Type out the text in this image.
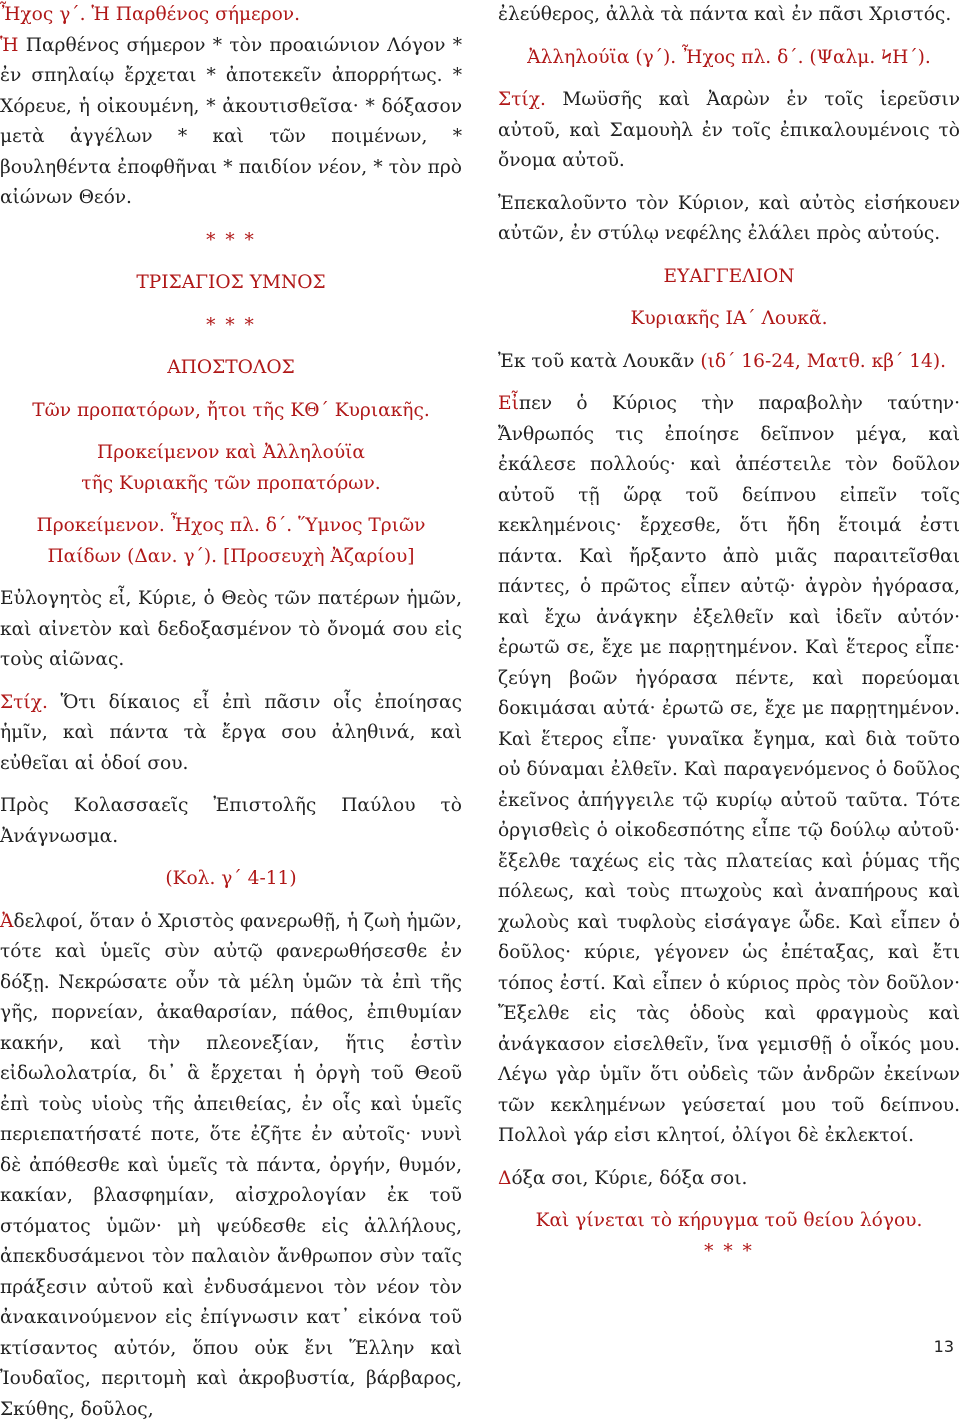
Ἦχος γ΄. Ἡ Παρθένος σήμερον.

Ἡ Παρθένος σήμερον * τὸν προαιώνιον Λόγον * ἐν σπηλαίῳ ἔρχεται * ἀποτεκεῖν ἀπορρήτως. * Χόρευε, ἡ οἰκουμένη, * ἀκουτισθεῖσα· * δόξασον μετὰ ἀγγέλων * καὶ τῶν ποιμένων, * βουληθέντα ἐποφθῆναι * παιδίον νέον, * τὸν πρὸ αἰώνων Θεόν.

* * *

ΤΡΙΣΑΓΙΟΣ ΥΜΝΟΣ

* * *

ΑΠΟΣΤΟΛΟΣ

Τῶν προπατόρων, ἤτοι τῆς ΚΘ΄ Κυριακῆς.

Προκείμενον καὶ Ἀλληλούϊα

τῆς Κυριακῆς τῶν προπατόρων.

Προκείμενον. Ἦχος πλ. δ΄. Ὕμνος Τριῶν Παίδων (Δαν. γ΄). [Προσευχὴ Ἀζαρίου]

Εὐλογητὸς εἶ, Κύριε, ὁ Θεὸς τῶν πατέρων ἡμῶν, καὶ αἰνετὸν καὶ δεδοξασμένον τὸ ὄνομά σου εἰς τοὺς αἰῶνας.

Στίχ. Ὅτι δίκαιος εἶ ἐπὶ πᾶσιν οἷς ἐποίησας ἡμῖν, καὶ πάντα τὰ ἔργα σου ἀληθινά, καὶ εὐθεῖαι αἱ ὁδοί σου.

Πρὸς Κολασσαεῖς Ἐπιστολῆς Παύλου τὸ Ἀνάγνωσμα.

(Κολ. γ΄ 4-11)

Ἀδελφοί, ὅταν ὁ Χριστὸς φανερωθῇ, ἡ ζωὴ ἡμῶν, τότε καὶ ὑμεῖς σὺν αὐτῷ φανερωθήσεσθε ἐν δόξῃ. Νεκρώσατε οὖν τὰ μέλη ὑμῶν τὰ ἐπὶ τῆς γῆς, πορνείαν, ἀκαθαρσίαν, πάθος, ἐπιθυμίαν κακήν, καὶ τὴν πλεονεξίαν, ἥτις ἐστὶν εἰδωλολατρία, δι᾽ ἃ ἔρχεται ἡ ὀργὴ τοῦ Θεοῦ ἐπὶ τοὺς υἱοὺς τῆς ἀπειθείας, ἐν οἷς καὶ ὑμεῖς περιεπατήσατέ ποτε, ὅτε ἐζῆτε ἐν αὐτοῖς· νυνὶ δὲ ἀπόθεσθε καὶ ὑμεῖς τὰ πάντα, ὀργήν, θυμόν, κακίαν, βλασφημίαν, αἰσχρολογίαν ἐκ τοῦ στόματος ὑμῶν· μὴ ψεύδεσθε εἰς ἀλλήλους, ἀπεκδυσάμενοι τὸν παλαιὸν ἄνθρωπον σὺν ταῖς πράξεσιν αὐτοῦ καὶ ἐνδυσάμενοι τὸν νέον τὸν ἀνακαινούμενον εἰς ἐπίγνωσιν κατ᾽ εἰκόνα τοῦ κτίσαντος αὐτόν, ὅπου οὐκ ἔνι Ἕλλην καὶ Ἰουδαῖος, περιτομὴ καὶ ἀκροβυστία, βάρβαρος, Σκύθης, δοῦλος,

ἐλεύθερος, ἀλλὰ τὰ πάντα καὶ ἐν πᾶσι Χριστός.

Ἀλληλούϊα (γ΄). Ἦχος πλ. δ΄. (Ψαλμ. ϞΗ΄).

Στίχ. Μωϋσῆς καὶ Ἀαρὼν ἐν τοῖς ἱερεῦσιν αὐτοῦ, καὶ Σαμουὴλ ἐν τοῖς ἐπικαλουμένοις τὸ ὄνομα αὐτοῦ.

Ἐπεκαλοῦντο τὸν Κύριον, καὶ αὐτὸς εἰσήκουεν αὐτῶν, ἐν στύλῳ νεφέλης ἐλάλει πρὸς αὐτούς.

ΕΥΑΓΓΕΛΙΟΝ

Κυριακῆς ΙΑ΄ Λουκᾶ.

Ἐκ τοῦ κατὰ Λουκᾶν (ιδ΄ 16-24, Ματθ. κβ΄ 14).

Εἶπεν ὁ Κύριος τὴν παραβολὴν ταύτην· Ἄνθρωπός τις ἐποίησε δεῖπνον μέγα, καὶ ἐκάλεσε πολλούς· καὶ ἀπέστειλε τὸν δοῦλον αὐτοῦ τῇ ὥρᾳ τοῦ δείπνου εἰπεῖν τοῖς κεκλημένοις· ἔρχεσθε, ὅτι ἤδη ἕτοιμά ἐστι πάντα. Καὶ ἤρξαντο ἀπὸ μιᾶς παραιτεῖσθαι πάντες, ὁ πρῶτος εἶπεν αὐτῷ· ἀγρὸν ἠγόρασα, καὶ ἔχω ἀνάγκην ἐξελθεῖν καὶ ἰδεῖν αὐτόν· ἐρωτῶ σε, ἔχε με παρῃτημένον. Καὶ ἕτερος εἶπε· ζεύγη βοῶν ἠγόρασα πέντε, καὶ πορεύομαι δοκιμάσαι αὐτά· ἐρωτῶ σε, ἔχε με παρῃτημένον. Καὶ ἕτερος εἶπε· γυναῖκα ἔγημα, καὶ διὰ τοῦτο οὐ δύναμαι ἐλθεῖν. Καὶ παραγενόμενος ὁ δοῦλος ἐκεῖνος ἀπήγγειλε τῷ κυρίῳ αὐτοῦ ταῦτα. Τότε ὀργισθεὶς ὁ οἰκοδεσπότης εἶπε τῷ δούλῳ αὐτοῦ· ἔξελθε ταχέως εἰς τὰς πλατείας καὶ ῥύμας τῆς πόλεως, καὶ τοὺς πτωχοὺς καὶ ἀναπήρους καὶ χωλοὺς καὶ τυφλοὺς εἰσάγαγε ὧδε. Καὶ εἶπεν ὁ δοῦλος· κύριε, γέγονεν ὡς ἐπέταξας, καὶ ἔτι τόπος ἐστί. Καὶ εἶπεν ὁ κύριος πρὸς τὸν δοῦλον· Ἔξελθε εἰς τὰς ὁδοὺς καὶ φραγμοὺς καὶ ἀνάγκασον εἰσελθεῖν, ἵνα γεμισθῇ ὁ οἶκός μου. Λέγω γὰρ ὑμῖν ὅτι οὐδεὶς τῶν ἀνδρῶν ἐκείνων τῶν κεκλημένων γεύσεταί μου τοῦ δείπνου. Πολλοὶ γάρ εἰσι κλητοί, ὀλίγοι δὲ ἐκλεκτοί.

Δόξα σοι, Κύριε, δόξα σοι.

Καὶ γίνεται τὸ κήρυγμα τοῦ θείου λόγου.

* * *

13
